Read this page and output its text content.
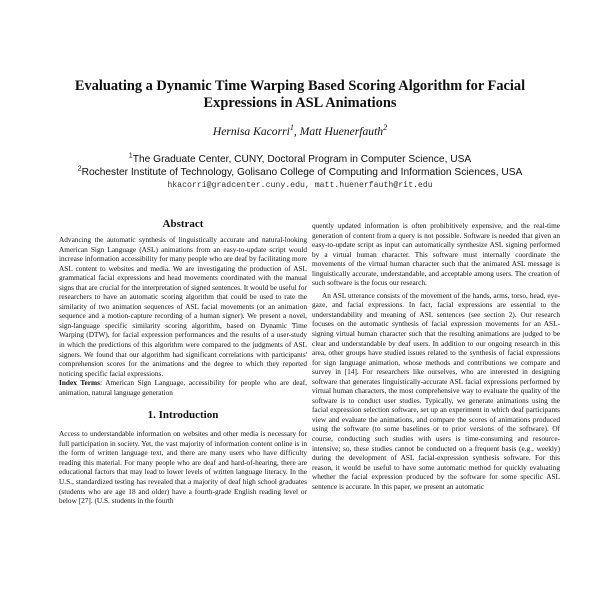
Evaluating a Dynamic Time Warping Based Scoring Algorithm for Facial Expressions in ASL Animations
Hernisa Kacorri$^1$, Matt Huenerfauth$^2$
$^1$The Graduate Center, CUNY, Doctoral Program in Computer Science, USA
$^2$Rochester Institute of Technology, Golisano College of Computing and Information Sciences, USA
hkacorri@gradcenter.cuny.edu, matt.huenerfauth@rit.edu
Abstract

Advancing the automatic synthesis of linguistically accurate and natural-looking American Sign Language (ASL) animations from an easy-to-update script would increase information accessibility for many people who are deaf by facilitating more ASL content to websites and media. We are investigating the production of ASL grammatical facial expressions and head movements coordinated with the manual signs that are crucial for the interpretation of signed sentences. It would be useful for researchers to have an automatic scoring algorithm that could be used to rate the similarity of two animation sequences of ASL facial movements (or an animation sequence and a motion-capture recording of a human signer). We present a novel, sign-language specific similarity scoring algorithm, based on Dynamic Time Warping (DTW), for facial expression performances and the results of a user-study in which the predictions of this algorithm were compared to the judgments of ASL signers. We found that our algorithm had significant correlations with participants' comprehension scores for the animations and the degree to which they reported noticing specific facial expressions.

Index Terms: American Sign Language, accessibility for people who are deaf, animation, natural language generation

1. Introduction

Access to understandable information on websites and other media is necessary for full participation in society. Yet, the vast majority of information content online is in the form of written language text, and there are many users who have difficulty reading this material. For many people who are deaf and hard-of-hearing, there are educational factors that may lead to lower levels of written language literacy. In the U.S., standardized testing has revealed that a majority of deaf high school graduates (students who are age 18 and older) have a fourth-grade English reading level or below [27]. (U.S. students in the fourth

quently updated information is often prohibitively expensive, and the real-time generation of content from a query is not possible. Software is needed that given an easy-to-update script as input can automatically synthesize ASL signing performed by a virtual human character. This software must internally coordinate the movements of the virtual human character such that the animated ASL message is linguistically accurate, understandable, and acceptable among users. The creation of such software is the focus our research.

An ASL utterance consists of the movement of the hands, arms, torso, head, eye-gaze, and facial expressions. In fact, facial expressions are essential to the understandability and meaning of ASL sentences (see section 2). Our research focuses on the automatic synthesis of facial expression movements for an ASL-signing virtual human character such that the resulting animations are judged to be clear and understandable by deaf users. In addition to our ongoing research in this area, other groups have studied issues related to the synthesis of facial expressions for sign language animation, whose methods and contributions we compare and survey in [14]. For researchers like ourselves, who are interested in designing software that generates linguistically-accurate ASL facial expressions performed by virtual human characters, the most comprehensive way to evaluate the quality of the software is to conduct user studies. Typically, we generate animations using the facial expression selection software, set up an experiment in which deaf participants view and evaluate the animations, and compare the scores of animations produced using the software (to some baselines or to prior versions of the software). Of course, conducting such studies with users is time-consuming and resource-intensive; so, these studies cannot be conducted on a frequent basis (e.g., weekly) during the development of ASL facial-expression synthesis software. For this reason, it would be useful to have some automatic method for quickly evaluating whether the facial expression produced by the software for some specific ASL sentence is accurate. In this paper, we present an automatic
